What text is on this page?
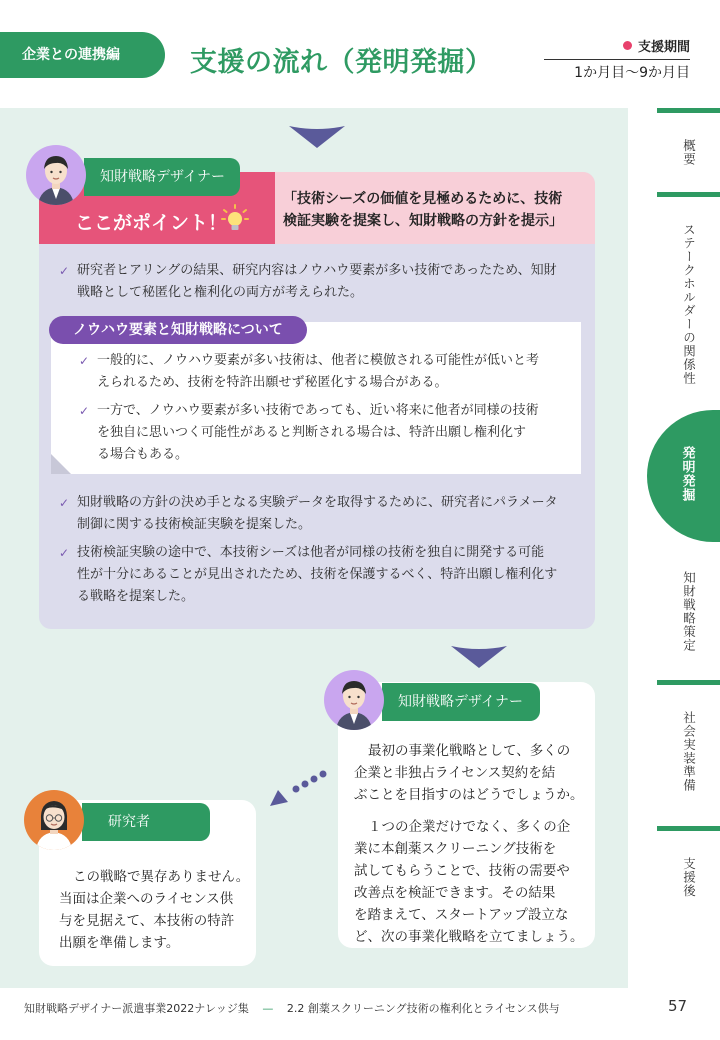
企業との連携編	支援の流れ（発明発掘）	支援期間
1か月目〜9か月目
ここがポイント！
「技術シーズの価値を見極めるために、技術
検証実験を提案し、知財戦略の方針を提示」
✓ 研究者ヒアリングの結果、研究内容はノウハウ要素が多い技術であったため、知財
戦略として秘匿化と権利化の両方が考えられた。
✓ 一般的に、ノウハウ要素が多い技術は、他者に模倣される可能性が低いと考
えられるため、技術を特許出願せず秘匿化する場合がある。
✓ 一方で、ノウハウ要素が多い技術であっても、近い将来に他者が同様の技術
を独自に思いつく可能性があると判断される場合は、特許出願し権利化す
る場合もある。
ノウハウ要素と知財戦略について
✓ 知財戦略の方針の決め手となる実験データを取得するために、研究者にパラメータ
制御に関する技術検証実験を提案した。
✓ 技術検証実験の途中で、本技術シーズは他者が同様の技術を独自に開発する可能
性が十分にあることが見出されたため、技術を保護するべく、特許出願し権利化す
る戦略を提案した。
知財戦略デザイナー
最初の事業化戦略として、多くの
企業と非独占ライセンス契約を結
ぶことを目指すのはどうでしょうか。
１つの企業だけでなく、多くの企
業に本創薬スクリーニング技術を
試してもらうことで、技術の需要や
改善点を検証できます。その結果
を踏まえて、スタートアップ設立な
ど、次の事業化戦略を立てましょう。
知財戦略デザイナー
この戦略で異存ありません。
当面は企業へのライセンス供
与を見据えて、本技術の特許
出願を準備します。
研究者
概要
ステークホルダーの関係性
発明発掘
知財戦略策定
社会実装準備
支援後
知財戦略デザイナー派遣事業2022ナレッジ集 — 2.2 創薬スクリーニング技術の権利化とライセンス供与	57
